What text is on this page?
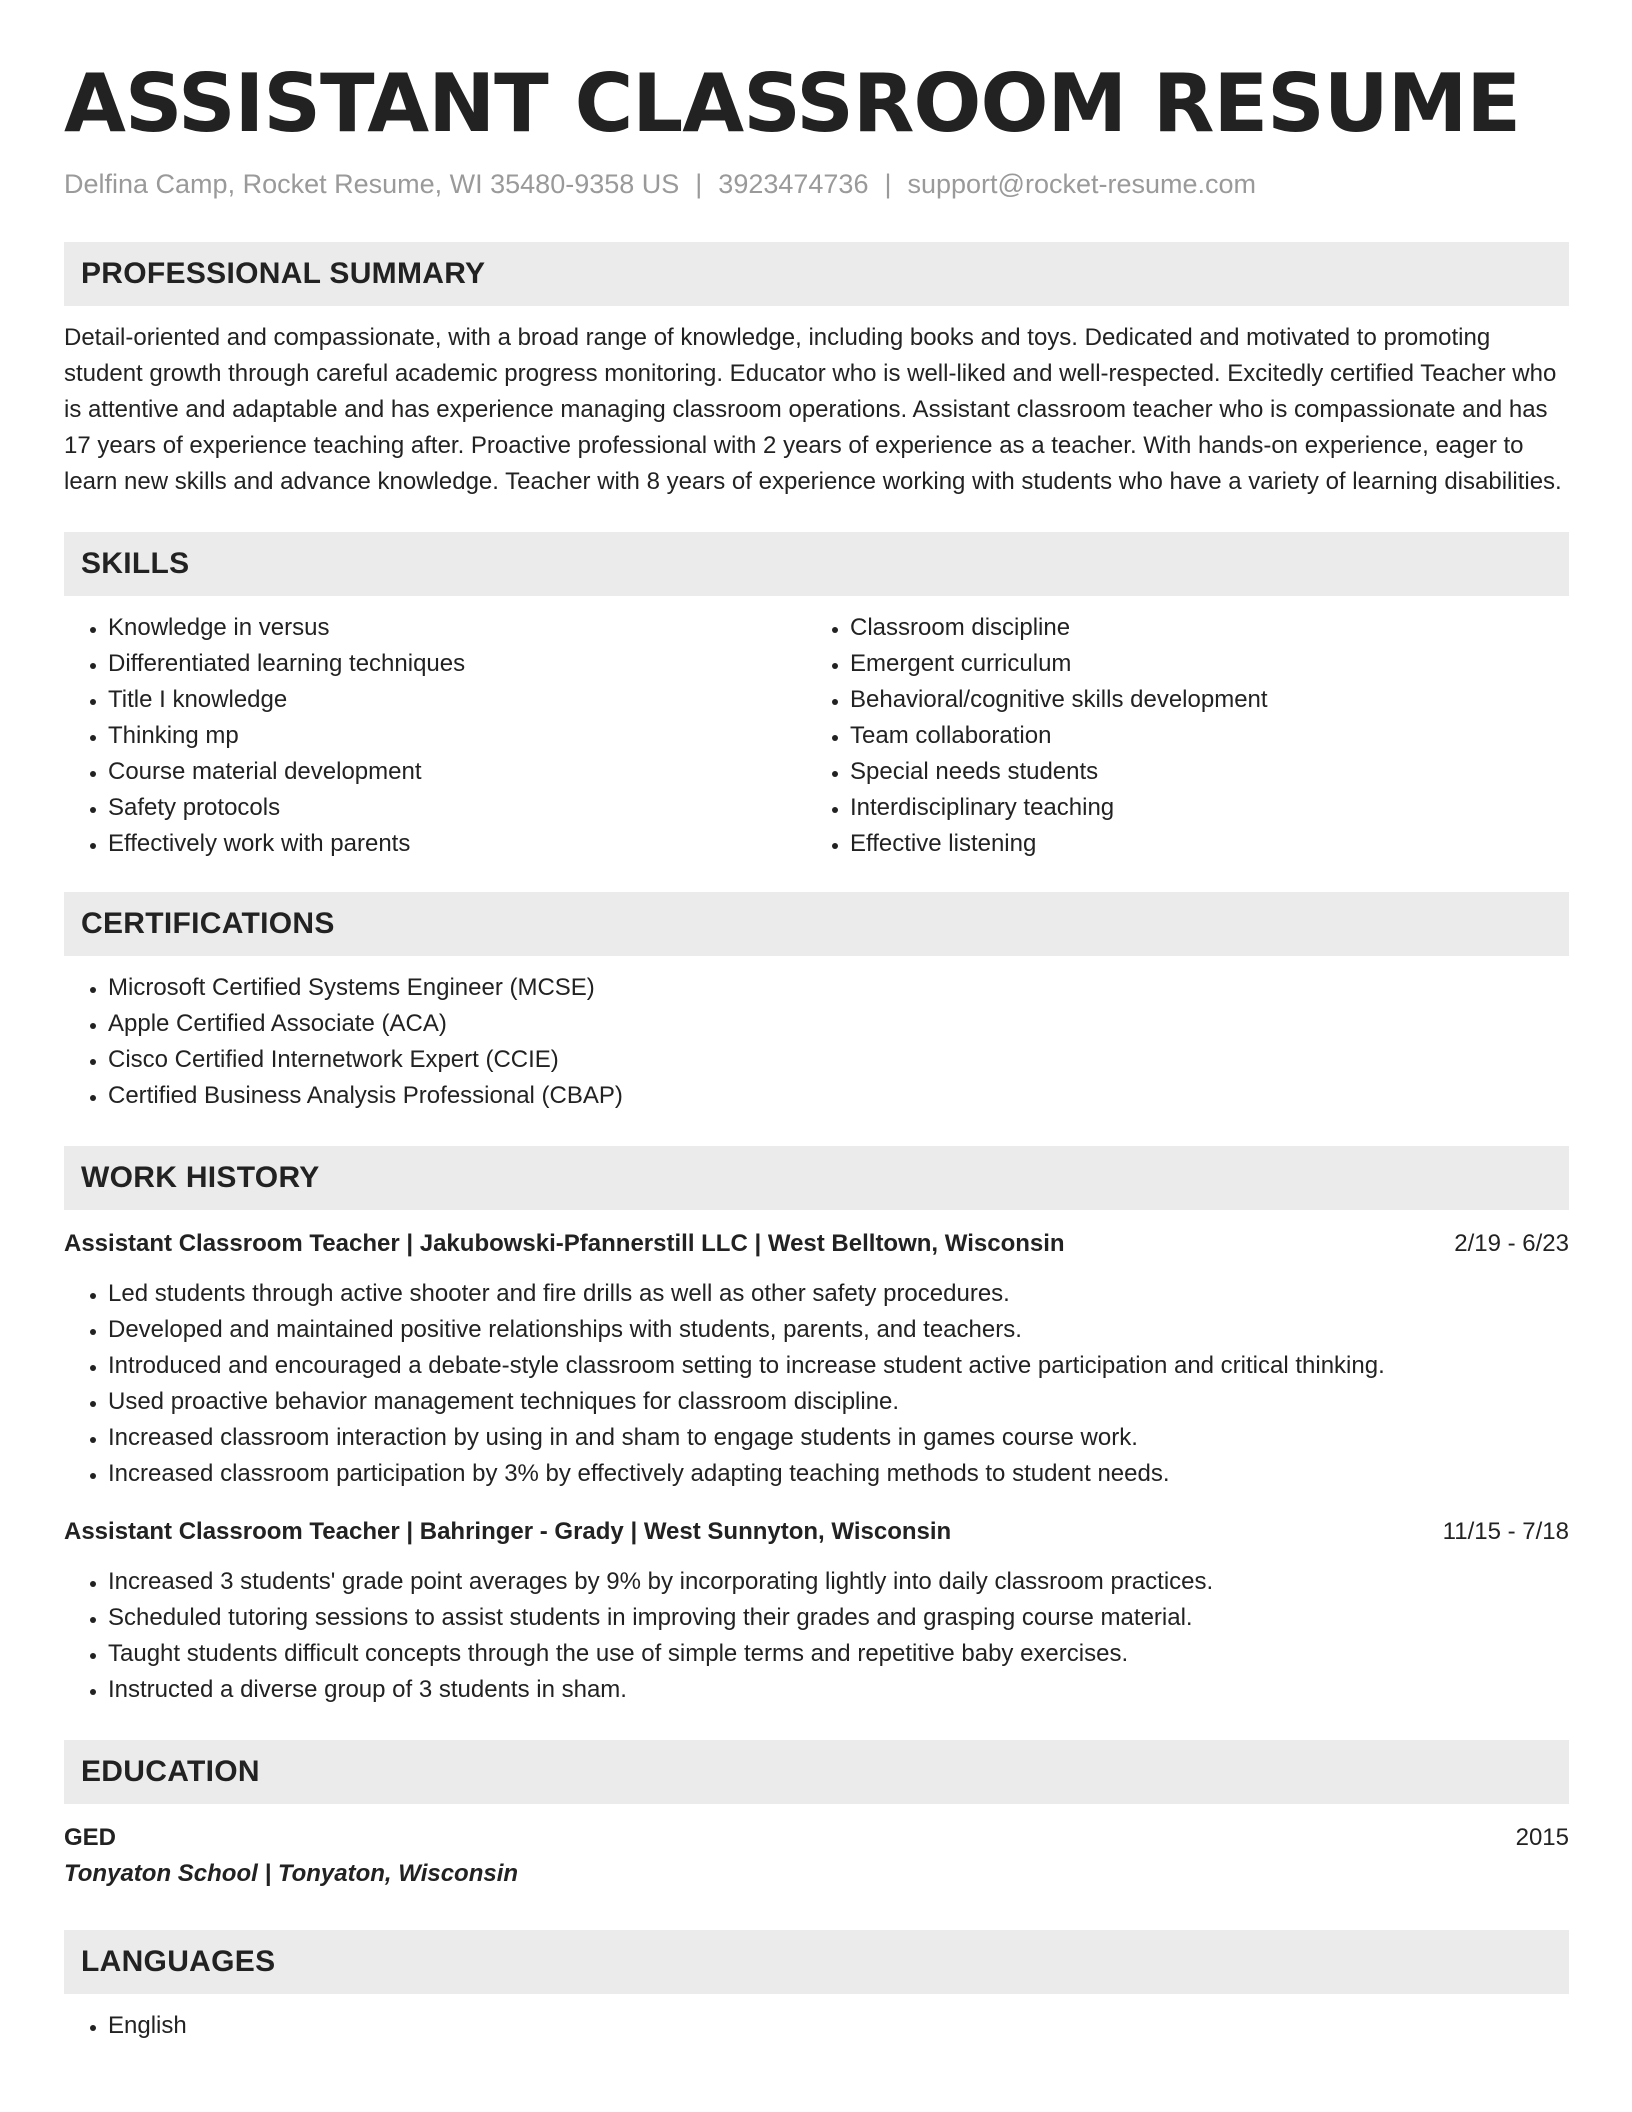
ASSISTANT CLASSROOM RESUME
Delfina Camp, Rocket Resume, WI 35480-9358 US | 3923474736 | support@rocket-resume.com
PROFESSIONAL SUMMARY

Detail-oriented and compassionate, with a broad range of knowledge, including books and toys. Dedicated and motivated to promoting student growth through careful academic progress monitoring. Educator who is well-liked and well-respected. Excitedly certified Teacher who is attentive and adaptable and has experience managing classroom operations. Assistant classroom teacher who is compassionate and has 17 years of experience teaching after. Proactive professional with 2 years of experience as a teacher. With hands-on experience, eager to learn new skills and advance knowledge. Teacher with 8 years of experience working with students who have a variety of learning disabilities.

SKILLS
• Knowledge in versus
• Differentiated learning techniques
• Title I knowledge
• Thinking mp
• Course material development
• Safety protocols
• Effectively work with parents
• Classroom discipline
• Emergent curriculum
• Behavioral/cognitive skills development
• Team collaboration
• Special needs students
• Interdisciplinary teaching
• Effective listening
CERTIFICATIONS
• Microsoft Certified Systems Engineer (MCSE)
• Apple Certified Associate (ACA)
• Cisco Certified Internetwork Expert (CCIE)
• Certified Business Analysis Professional (CBAP)
WORK HISTORY
Assistant Classroom Teacher | Jakubowski-Pfannerstill LLC | West Belltown, Wisconsin	2/19 - 6/23
• Led students through active shooter and fire drills as well as other safety procedures.
• Developed and maintained positive relationships with students, parents, and teachers.
• Introduced and encouraged a debate-style classroom setting to increase student active participation and critical thinking.
• Used proactive behavior management techniques for classroom discipline.
• Increased classroom interaction by using in and sham to engage students in games course work.
• Increased classroom participation by 3% by effectively adapting teaching methods to student needs.
Assistant Classroom Teacher | Bahringer - Grady | West Sunnyton, Wisconsin	11/15 - 7/18
• Increased 3 students' grade point averages by 9% by incorporating lightly into daily classroom practices.
• Scheduled tutoring sessions to assist students in improving their grades and grasping course material.
• Taught students difficult concepts through the use of simple terms and repetitive baby exercises.
• Instructed a diverse group of 3 students in sham.
EDUCATION
GED	2015
Tonyaton School | Tonyaton, Wisconsin
LANGUAGES
• English
